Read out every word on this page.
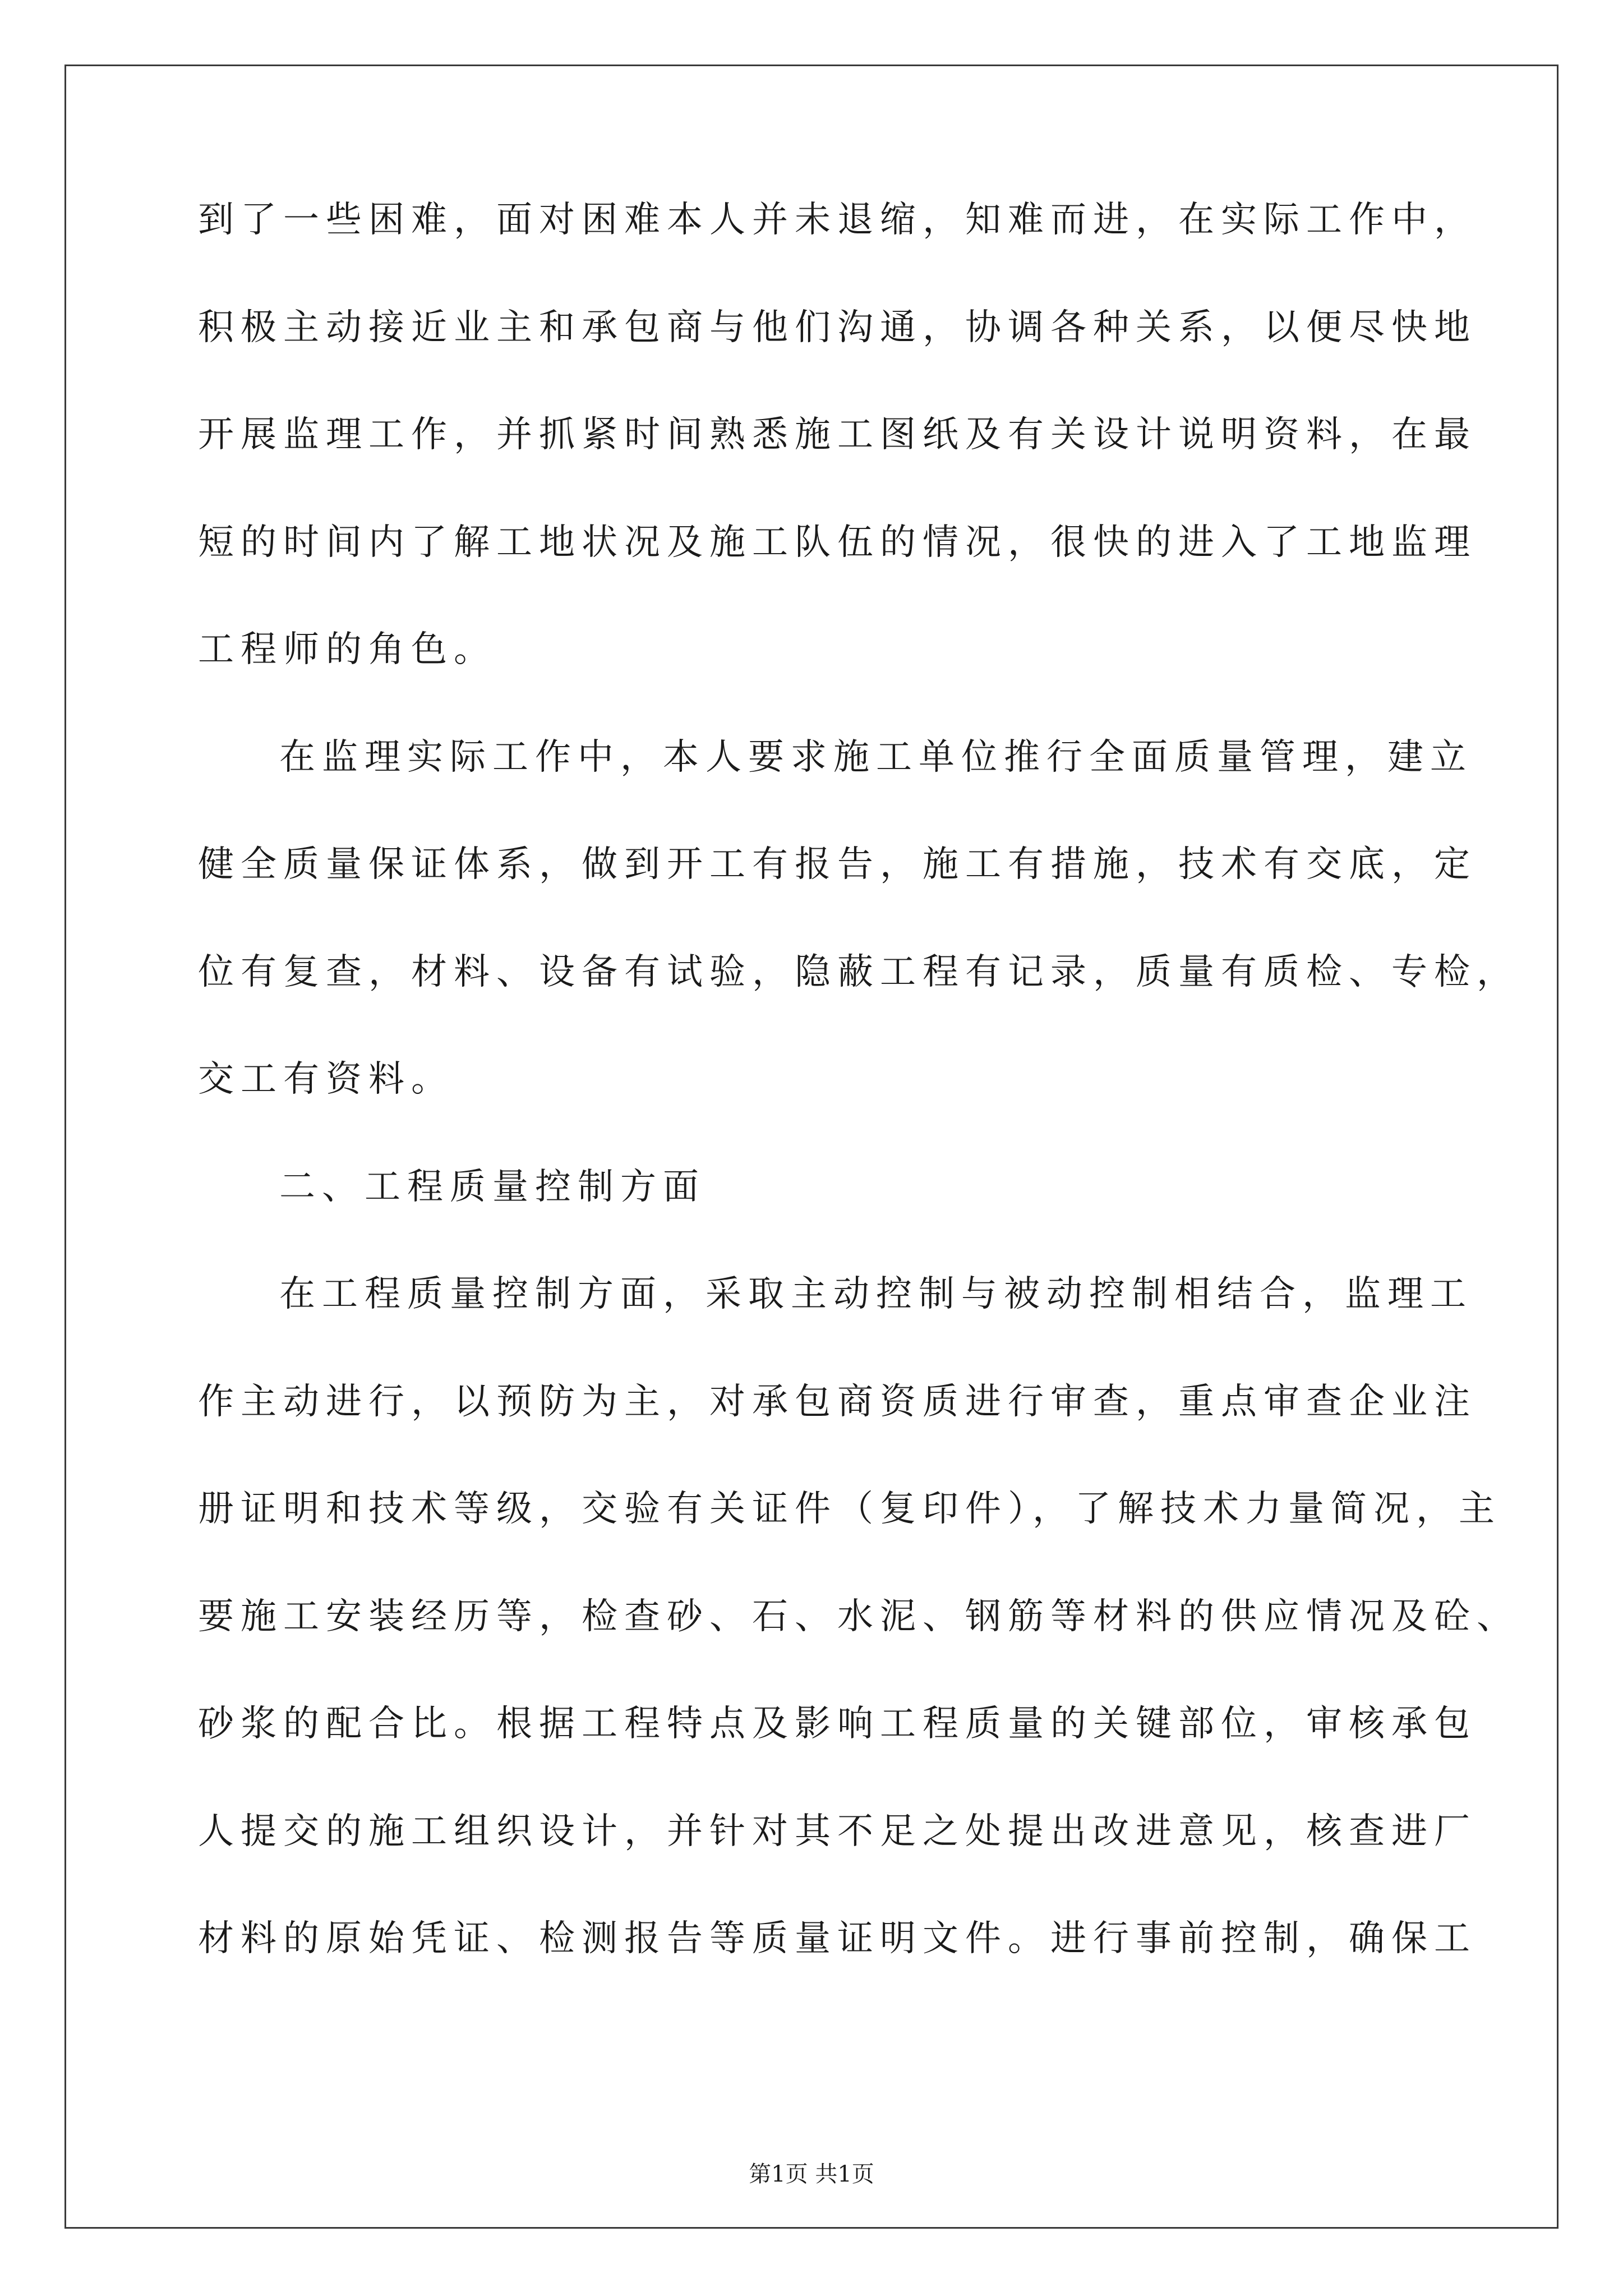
到了一些困难，面对困难本人并未退缩，知难而进，在实际工作中，
积极主动接近业主和承包商与他们沟通，协调各种关系，以便尽快地
开展监理工作，并抓紧时间熟悉施工图纸及有关设计说明资料，在最
短的时间内了解工地状况及施工队伍的情况，很快的进入了工地监理
工程师的角色。
在监理实际工作中，本人要求施工单位推行全面质量管理，建立
健全质量保证体系，做到开工有报告，施工有措施，技术有交底，定
位有复查，材料、设备有试验，隐蔽工程有记录，质量有质检、专检，
交工有资料。
二、工程质量控制方面
在工程质量控制方面，采取主动控制与被动控制相结合，监理工
作主动进行，以预防为主，对承包商资质进行审查，重点审查企业注
册证明和技术等级，交验有关证件（复印件），了解技术力量简况，主
要施工安装经历等，检查砂、石、水泥、钢筋等材料的供应情况及砼、
砂浆的配合比。根据工程特点及影响工程质量的关键部位，审核承包
人提交的施工组织设计，并针对其不足之处提出改进意见，核查进厂
材料的原始凭证、检测报告等质量证明文件。进行事前控制，确保工
第1页 共1页
